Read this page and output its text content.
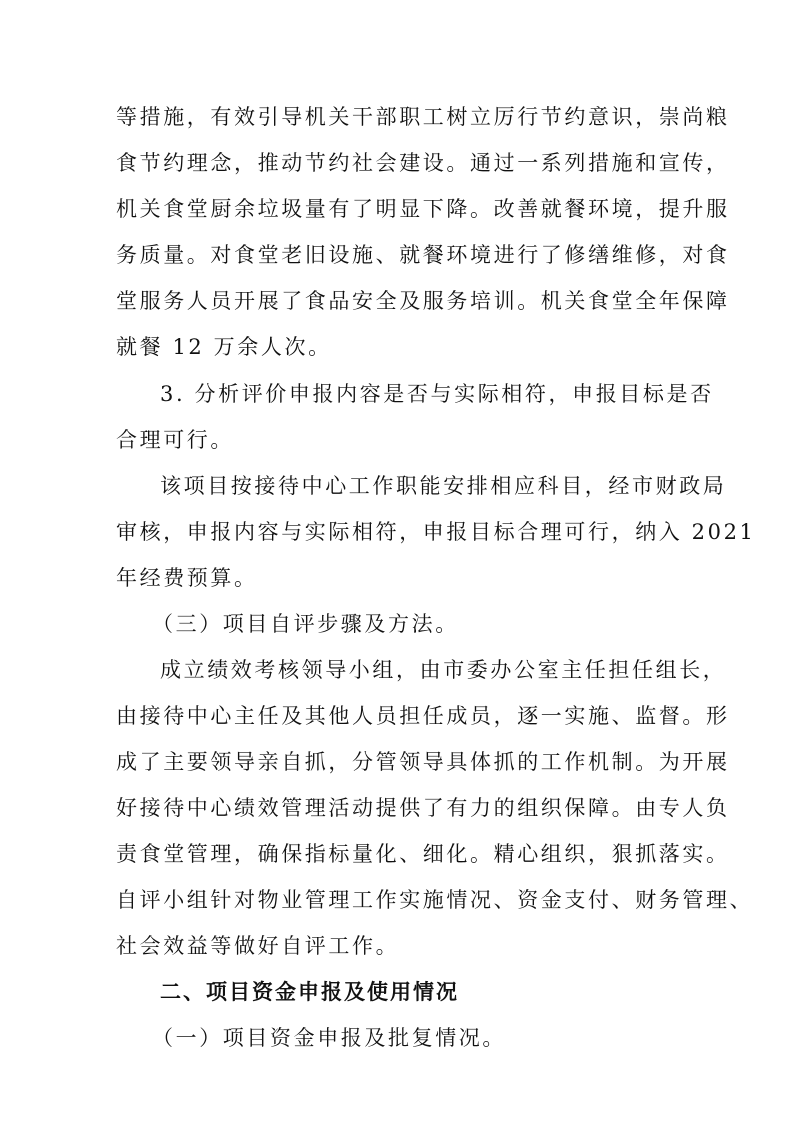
等措施，有效引导机关干部职工树立厉行节约意识，崇尚粮
食节约理念，推动节约社会建设。通过一系列措施和宣传，
机关食堂厨余垃圾量有了明显下降。改善就餐环境，提升服
务质量。对食堂老旧设施、就餐环境进行了修缮维修，对食
堂服务人员开展了食品安全及服务培训。机关食堂全年保障
就餐 12 万余人次。
3. 分析评价申报内容是否与实际相符，申报目标是否
合理可行。
该项目按接待中心工作职能安排相应科目，经市财政局
审核，申报内容与实际相符，申报目标合理可行，纳入 2021
年经费预算。
（三）项目自评步骤及方法。
成立绩效考核领导小组，由市委办公室主任担任组长，
由接待中心主任及其他人员担任成员，逐一实施、监督。形
成了主要领导亲自抓，分管领导具体抓的工作机制。为开展
好接待中心绩效管理活动提供了有力的组织保障。由专人负
责食堂管理，确保指标量化、细化。精心组织，狠抓落实。
自评小组针对物业管理工作实施情况、资金支付、财务管理、
社会效益等做好自评工作。
二、项目资金申报及使用情况
（一）项目资金申报及批复情况。
